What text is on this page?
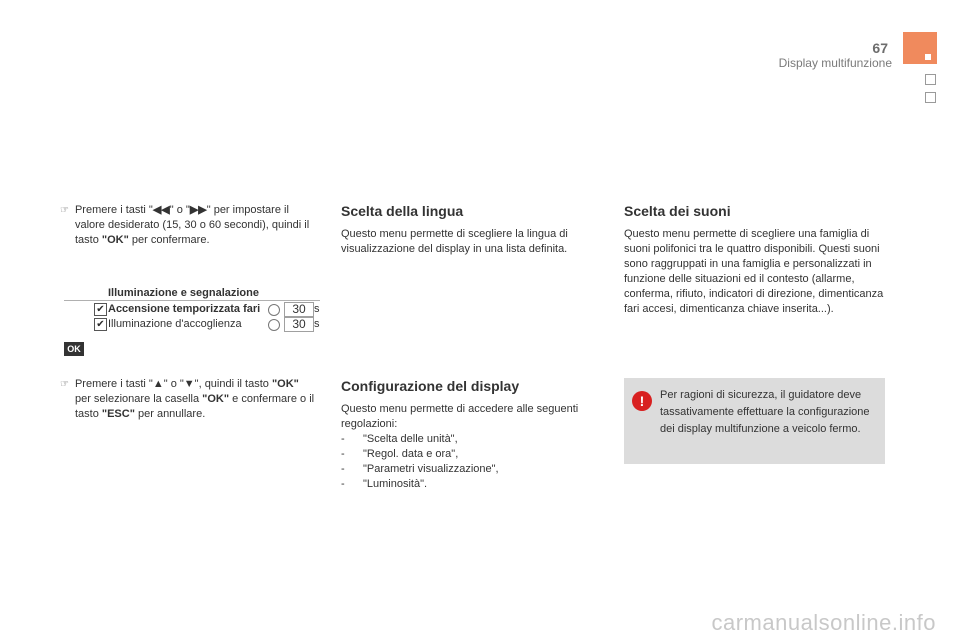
67
Display multifunzione
☞ Premere i tasti "◀◀" o "▶▶" per impostare il valore desiderato (15, 30 o 60 secondi), quindi il tasto "OK" per confermare.
Illuminazione e segnalazione
✔ Accensione temporizzata fari	30 s
✔ Illuminazione d'accoglienza	30 s
OK
☞ Premere i tasti "▲" o "▼", quindi il tasto "OK" per selezionare la casella "OK" e confermare o il tasto "ESC" per annullare.
Scelta della lingua
Questo menu permette di scegliere la lingua di visualizzazione del display in una lista definita.
Configurazione del display
Questo menu permette di accedere alle seguenti regolazioni:
- "Scelta delle unità",
- "Regol. data e ora",
- "Parametri visualizzazione",
- "Luminosità".
Scelta dei suoni
Questo menu permette di scegliere una famiglia di suoni polifonici tra le quattro disponibili. Questi suoni sono raggruppati in una famiglia e personalizzati in funzione delle situazioni ed il contesto (allarme, conferma, rifiuto, indicatori di direzione, dimenticanza fari accesi, dimenticanza chiave inserita...).
!	Per ragioni di sicurezza, il guidatore deve tassativamente effettuare la configurazione dei display multifunzione a veicolo fermo.
carmanualsonline.info
